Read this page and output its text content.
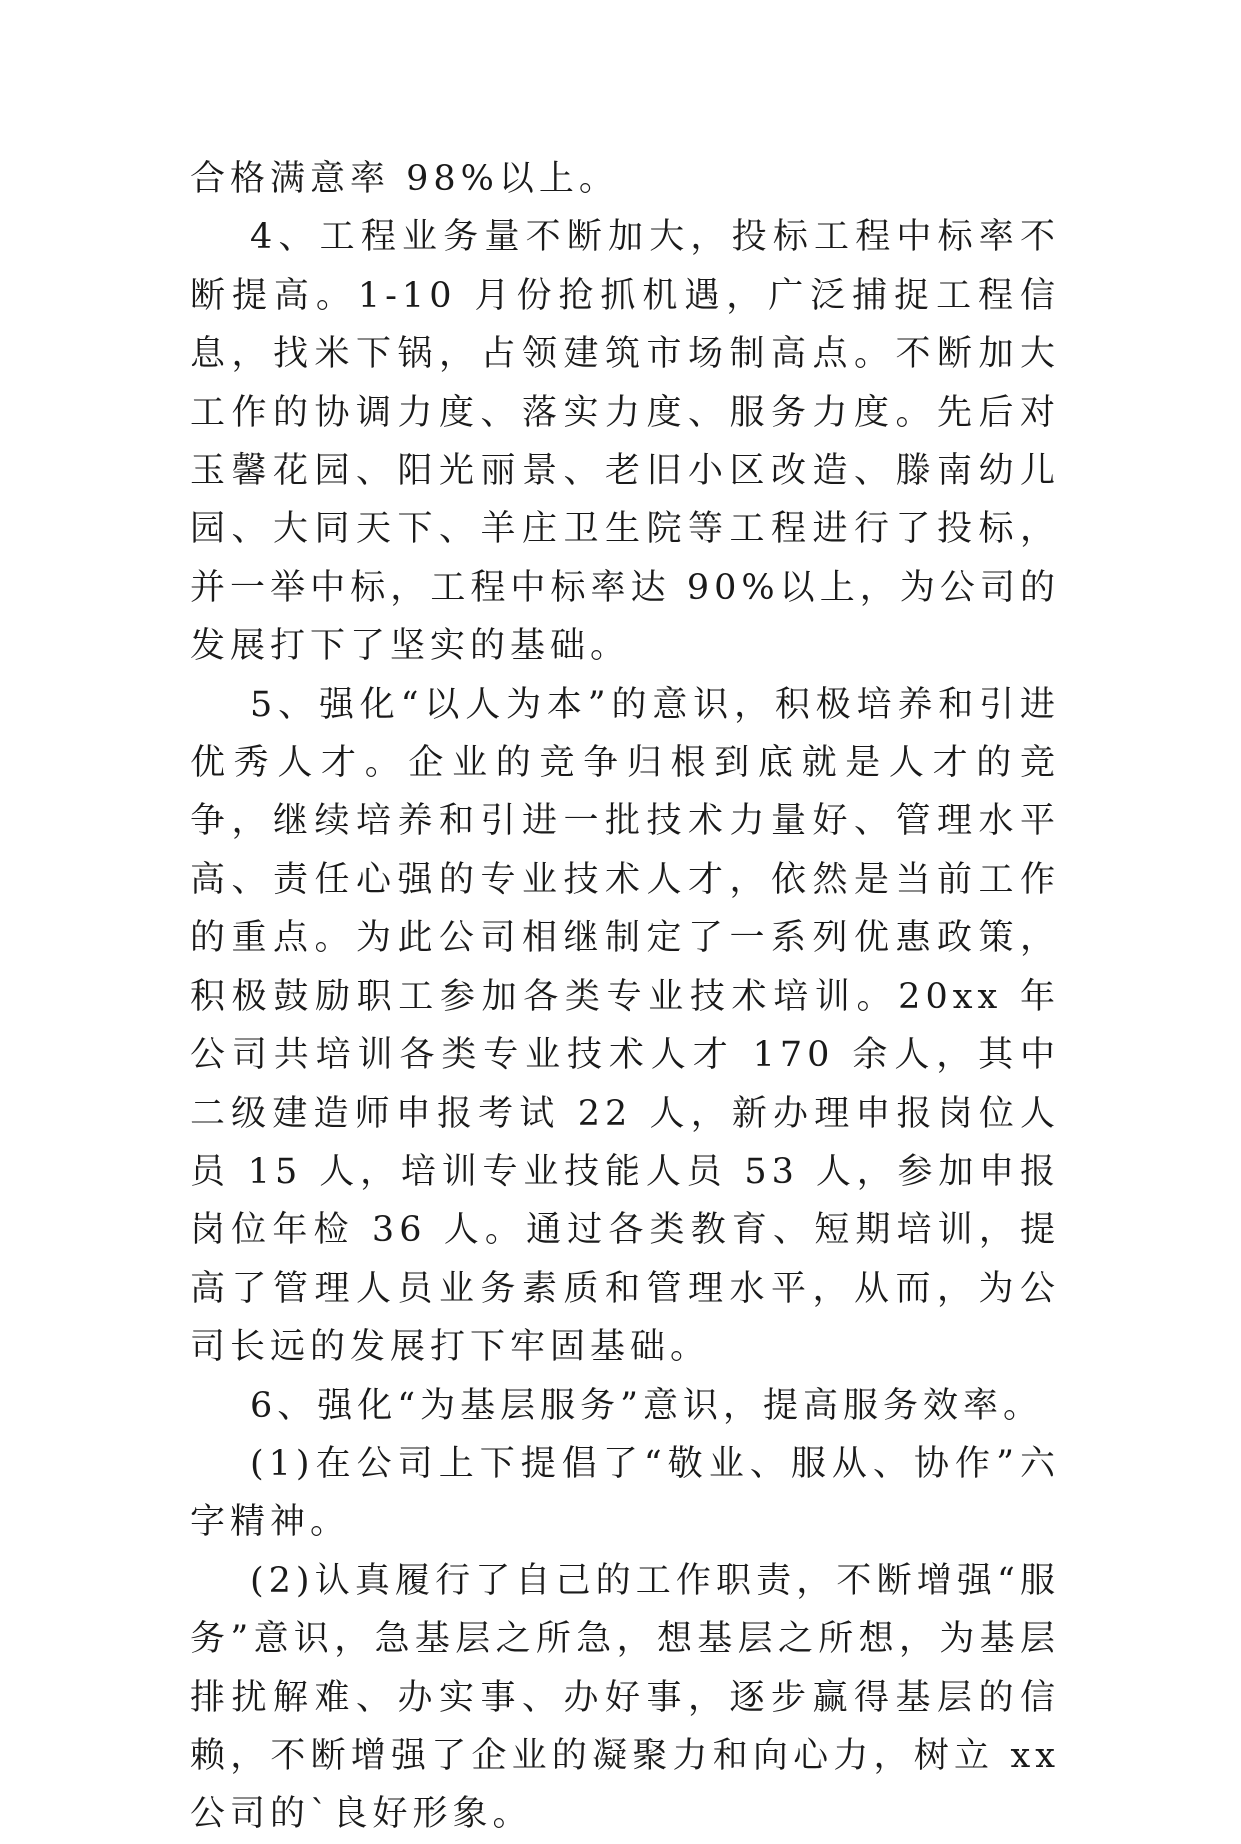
合格满意率 98%以上。

4、工程业务量不断加大，投标工程中标率不断提高。1-10 月份抢抓机遇，广泛捕捉工程信息，找米下锅，占领建筑市场制高点。不断加大工作的协调力度、落实力度、服务力度。先后对玉馨花园、阳光丽景、老旧小区改造、滕南幼儿园、大同天下、羊庄卫生院等工程进行了投标，并一举中标，工程中标率达 90%以上，为公司的发展打下了坚实的基础。

5、强化“以人为本”的意识，积极培养和引进优秀人才。企业的竞争归根到底就是人才的竞争，继续培养和引进一批技术力量好、管理水平高、责任心强的专业技术人才，依然是当前工作的重点。为此公司相继制定了一系列优惠政策，积极鼓励职工参加各类专业技术培训。20xx 年公司共培训各类专业技术人才 170 余人，其中二级建造师申报考试 22 人，新办理申报岗位人员 15 人，培训专业技能人员 53 人，参加申报岗位年检 36 人。通过各类教育、短期培训，提高了管理人员业务素质和管理水平，从而，为公司长远的发展打下牢固基础。

6、强化“为基层服务”意识，提高服务效率。

(1)在公司上下提倡了“敬业、服从、协作”六字精神。

(2)认真履行了自己的工作职责，不断增强“服务”意识，急基层之所急，想基层之所想，为基层排扰解难、办实事、办好事，逐步赢得基层的信赖，不断增强了企业的凝聚力和向心力，树立 xx 公司的`良好形象。
